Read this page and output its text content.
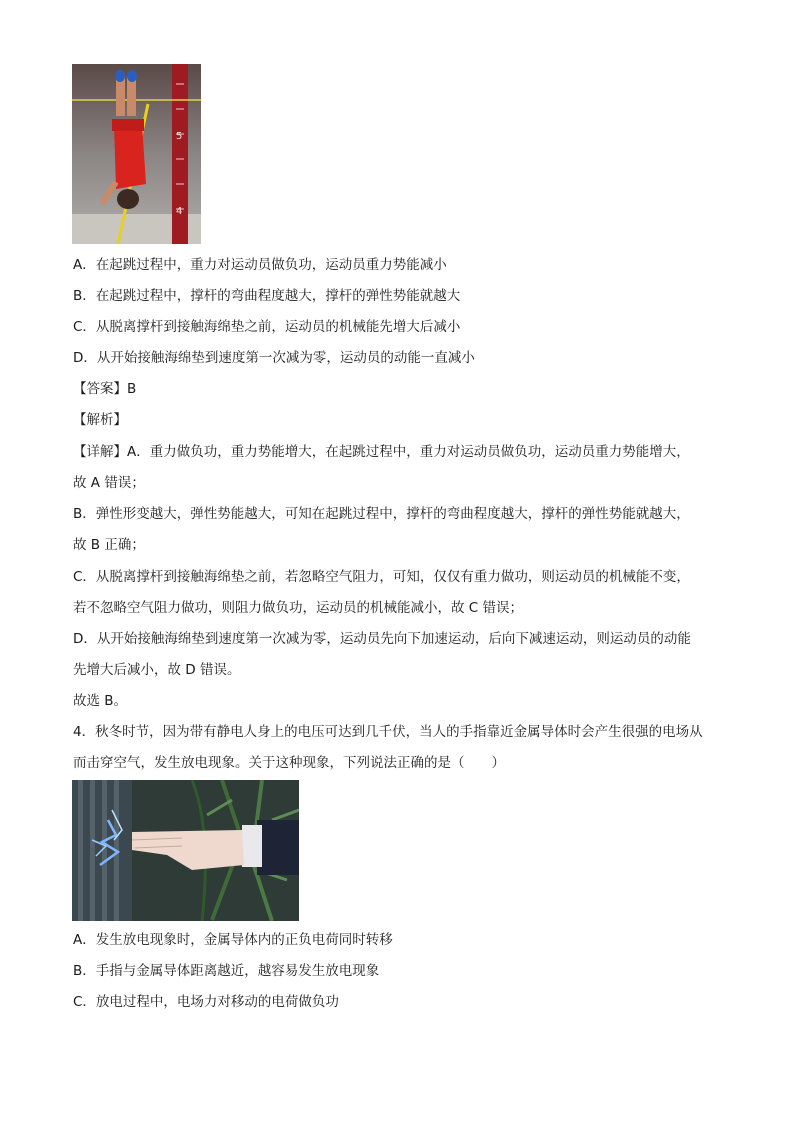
5
4
A．在起跳过程中，重力对运动员做负功，运动员重力势能减小
B．在起跳过程中，撑杆的弯曲程度越大，撑杆的弹性势能就越大
C．从脱离撑杆到接触海绵垫之前，运动员的机械能先增大后减小
D．从开始接触海绵垫到速度第一次减为零，运动员的动能一直减小
【答案】B
【解析】
【详解】A．重力做负功，重力势能增大，在起跳过程中，重力对运动员做负功，运动员重力势能增大，
故 A 错误；
B．弹性形变越大，弹性势能越大，可知在起跳过程中，撑杆的弯曲程度越大，撑杆的弹性势能就越大，
故 B 正确；
C．从脱离撑杆到接触海绵垫之前，若忽略空气阻力，可知，仅仅有重力做功，则运动员的机械能不变，
若不忽略空气阻力做功，则阻力做负功，运动员的机械能减小，故 C 错误；
D．从开始接触海绵垫到速度第一次减为零，运动员先向下加速运动，后向下减速运动，则运动员的动能
先增大后减小，故 D 错误。
故选 B。
4．秋冬时节，因为带有静电人身上的电压可达到几千伏，当人的手指靠近金属导体时会产生很强的电场从
而击穿空气，发生放电现象。关于这种现象，下列说法正确的是（　　）
A．发生放电现象时，金属导体内的正负电荷同时转移
B．手指与金属导体距离越近，越容易发生放电现象
C．放电过程中，电场力对移动的电荷做负功
